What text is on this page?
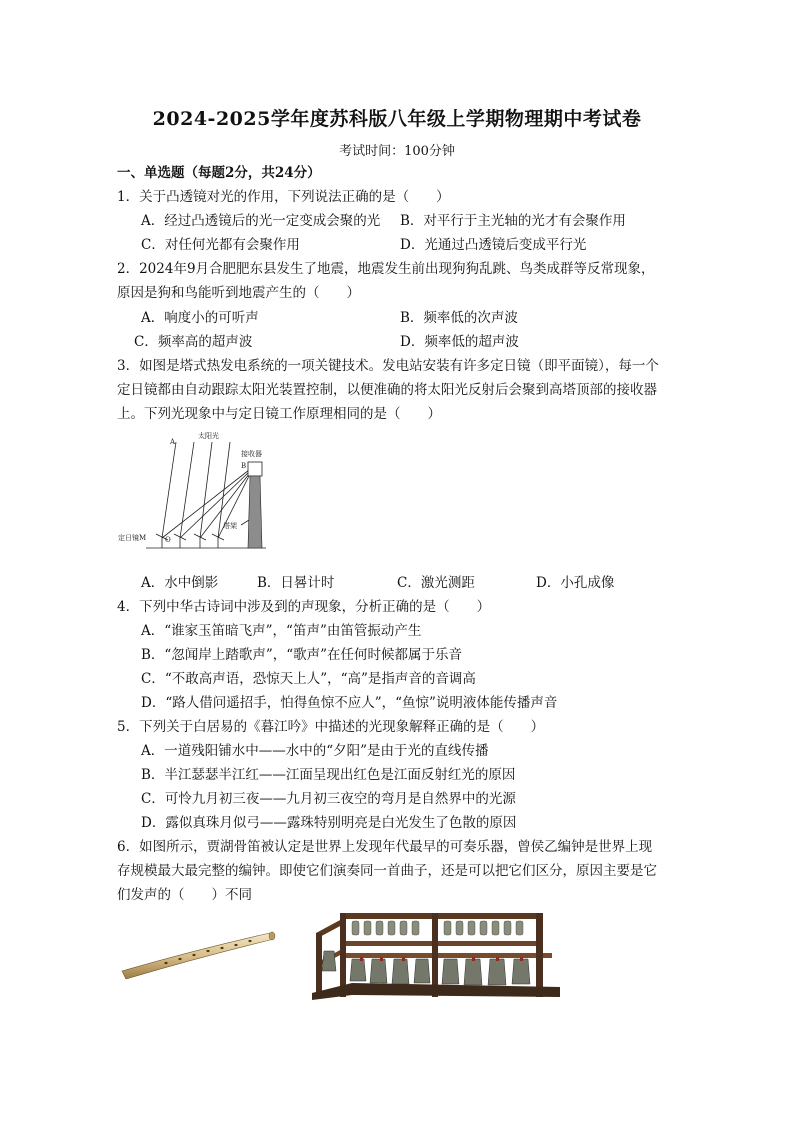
2024-2025学年度苏科版八年级上学期物理期中考试卷
考试时间：100分钟
一、单选题（每题2分，共24分）
1．关于凸透镜对光的作用，下列说法正确的是（　　）
A．经过凸透镜后的光一定变成会聚的光 B．对平行于主光轴的光才有会聚作用
C．对任何光都有会聚作用	D．光通过凸透镜后变成平行光
2．2024年9月合肥肥东县发生了地震，地震发生前出现狗狗乱跳、鸟类成群等反常现象，
原因是狗和鸟能听到地震产生的（　　）
A．响度小的可听声	B．频率低的次声波
C．频率高的超声波	D．频率低的超声波
3．如图是塔式热发电系统的一项关键技术。发电站安装有许多定日镜（即平面镜），每一个
定日镜都由自动跟踪太阳光装置控制，以便准确的将太阳光反射后会聚到高塔顶部的接收器
上。下列光现象中与定日镜工作原理相同的是（　　）
A
太阳光
接收器
B
塔架
定日镜M	O
A．水中倒影	B．日晷计时	C．激光测距	D．小孔成像
4．下列中华古诗词中涉及到的声现象，分析正确的是（　　）
A．“谁家玉笛暗飞声”，“笛声”由笛管振动产生
B．“忽闻岸上踏歌声”，“歌声”在任何时候都属于乐音
C．“不敢高声语，恐惊天上人”，“高”是指声音的音调高
D．“路人借问遥招手，怕得鱼惊不应人”，“鱼惊”说明液体能传播声音
5．下列关于白居易的《暮江吟》中描述的光现象解释正确的是（　　）
A．一道残阳铺水中——水中的“夕阳”是由于光的直线传播
B．半江瑟瑟半江红——江面呈现出红色是江面反射红光的原因
C．可怜九月初三夜——九月初三夜空的弯月是自然界中的光源
D．露似真珠月似弓——露珠特别明亮是白光发生了色散的原因
6．如图所示，贾湖骨笛被认定是世界上发现年代最早的可奏乐器，曾侯乙编钟是世界上现
存规模最大最完整的编钟。即使它们演奏同一首曲子，还是可以把它们区分，原因主要是它
们发声的（　　）不同
